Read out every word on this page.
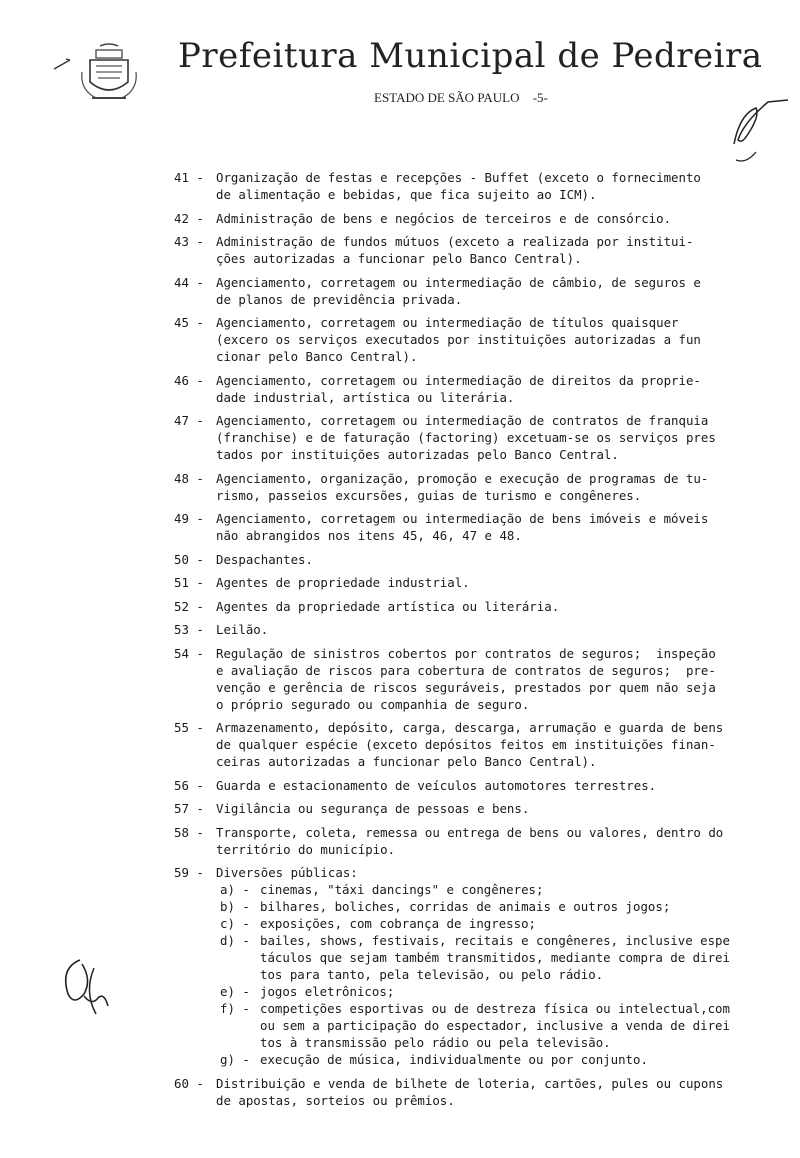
Prefeitura Municipal de Pedreira
ESTADO DE SÃO PAULO -5-
41 - Organização de festas e recepções - Buffet (exceto o fornecimento
de alimentação e bebidas, que fica sujeito ao ICM).
42 - Administração de bens e negócios de terceiros e de consórcio.
43 - Administração de fundos mútuos (exceto a realizada por institui-
ções autorizadas a funcionar pelo Banco Central).
44 - Agenciamento, corretagem ou intermediação de câmbio, de seguros e
de planos de previdência privada.
45 - Agenciamento, corretagem ou intermediação de títulos quaisquer
(excero os serviços executados por instituições autorizadas a fun
cionar pelo Banco Central).
46 - Agenciamento, corretagem ou intermediação de direitos da proprie-
dade industrial, artística ou literária.
47 - Agenciamento, corretagem ou intermediação de contratos de franquia
(franchise) e de faturação (factoring) excetuam-se os serviços pres
tados por instituições autorizadas pelo Banco Central.
48 - Agenciamento, organização, promoção e execução de programas de tu-
rismo, passeios excursões, guias de turismo e congêneres.
49 - Agenciamento, corretagem ou intermediação de bens imóveis e móveis
não abrangidos nos itens 45, 46, 47 e 48.
50 - Despachantes.
51 - Agentes de propriedade industrial.
52 - Agentes da propriedade artística ou literária.
53 - Leilão.
54 - Regulação de sinistros cobertos por contratos de seguros;  inspeção
e avaliação de riscos para cobertura de contratos de seguros;  pre-
venção e gerência de riscos seguráveis, prestados por quem não seja
o próprio segurado ou companhia de seguro.
55 - Armazenamento, depósito, carga, descarga, arrumação e guarda de bens
de qualquer espécie (exceto depósitos feitos em instituições finan-
ceiras autorizadas a funcionar pelo Banco Central).
56 - Guarda e estacionamento de veículos automotores terrestres.
57 - Vigilância ou segurança de pessoas e bens.
58 - Transporte, coleta, remessa ou entrega de bens ou valores, dentro do
território do município.
59 - Diversões públicas:
a) - cinemas, "táxi dancings" e congêneres;
b) - bilhares, boliches, corridas de animais e outros jogos;
c) - exposições, com cobrança de ingresso;
d) - bailes, shows, festivais, recitais e congêneres, inclusive espe
táculos que sejam também transmitidos, mediante compra de direi
tos para tanto, pela televisão, ou pelo rádio.
e) - jogos eletrônicos;
f) - competições esportivas ou de destreza física ou intelectual,com
ou sem a participação do espectador, inclusive a venda de direi
tos à transmissão pelo rádio ou pela televisão.
g) - execução de música, individualmente ou por conjunto.
60 - Distribuição e venda de bilhete de loteria, cartões, pules ou cupons
de apostas, sorteios ou prêmios.
